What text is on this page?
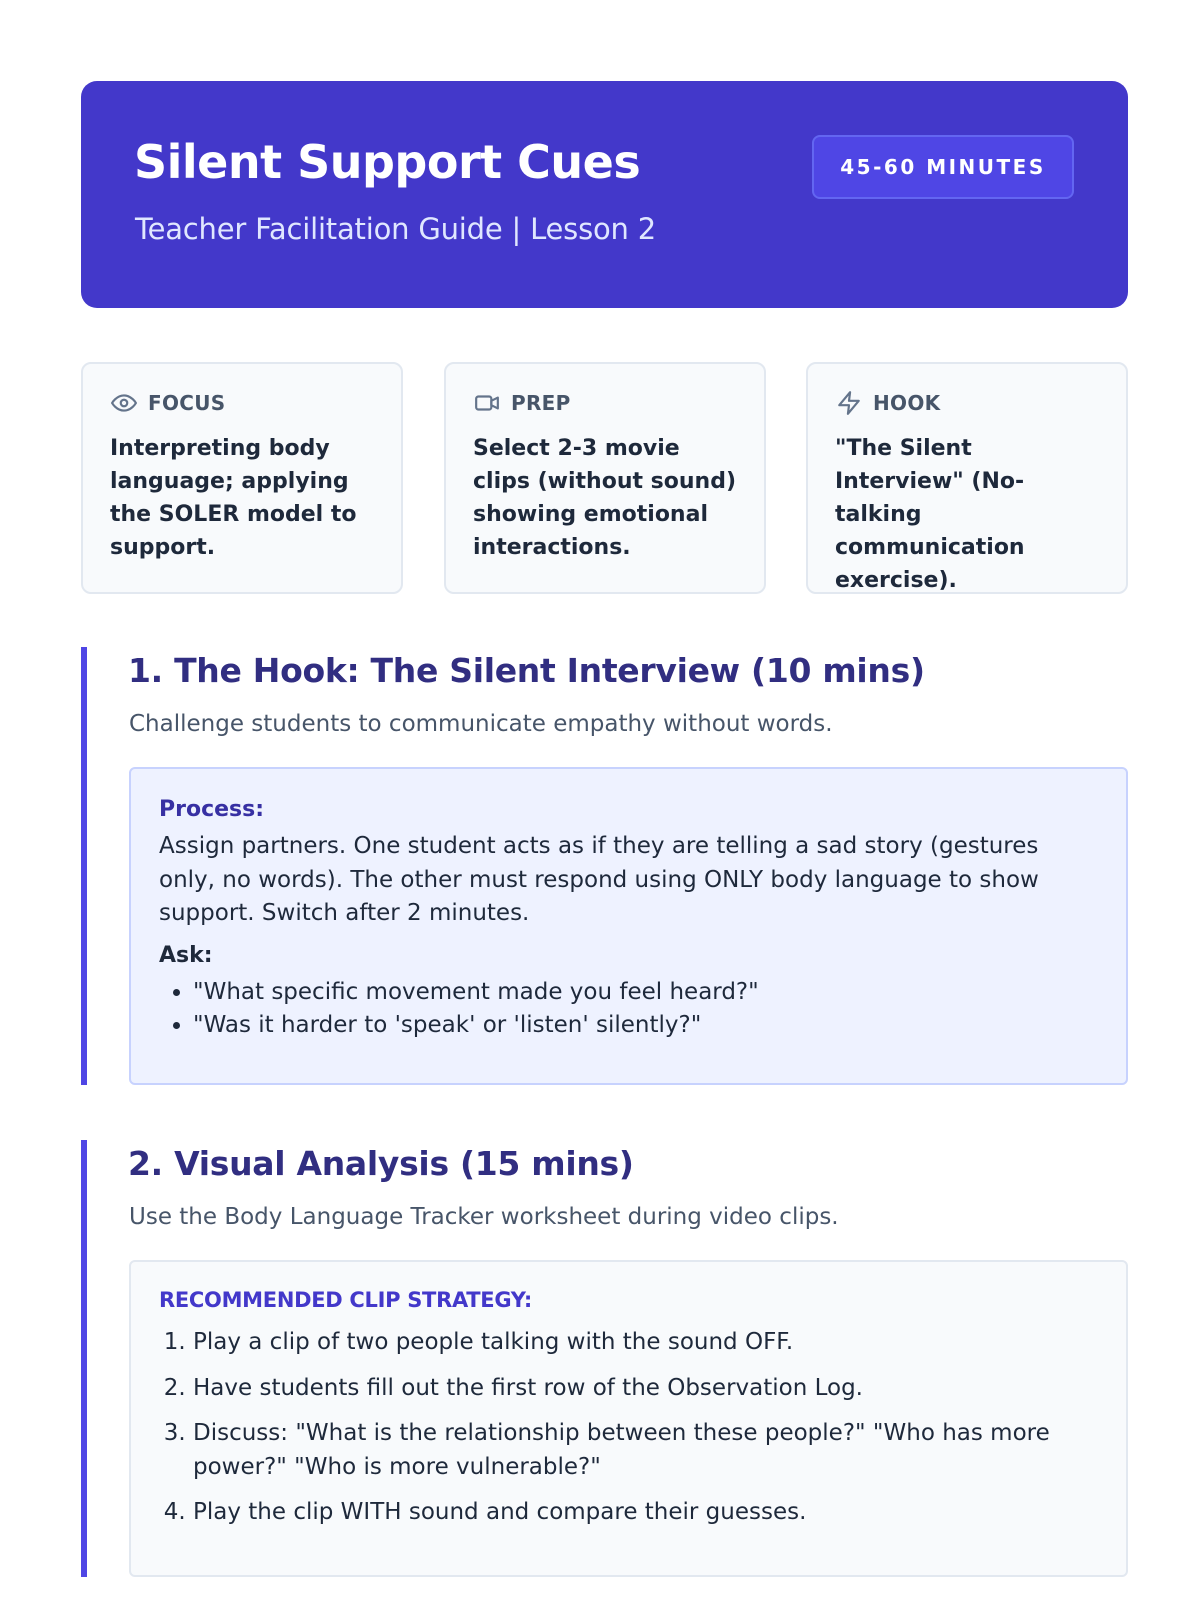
Silent Support Cues
Teacher Facilitation Guide | Lesson 2
45-60 MINUTES
FOCUS
Interpreting body language; applying the SOLER model to support.
PREP
Select 2-3 movie clips (without sound) showing emotional interactions.
HOOK
"The Silent Interview" (No-talking communication exercise).
1. The Hook: The Silent Interview (10 mins)
Challenge students to communicate empathy without words.
Process:
Assign partners. One student acts as if they are telling a sad story (gestures only, no words). The other must respond using ONLY body language to show support. Switch after 2 minutes.
Ask:
• "What specific movement made you feel heard?"
• "Was it harder to 'speak' or 'listen' silently?"
2. Visual Analysis (15 mins)
Use the Body Language Tracker worksheet during video clips.
RECOMMENDED CLIP STRATEGY:
1. Play a clip of two people talking with the sound OFF.
2. Have students fill out the first row of the Observation Log.
3. Discuss: "What is the relationship between these people?" "Who has more power?" "Who is more vulnerable?"
4. Play the clip WITH sound and compare their guesses.
